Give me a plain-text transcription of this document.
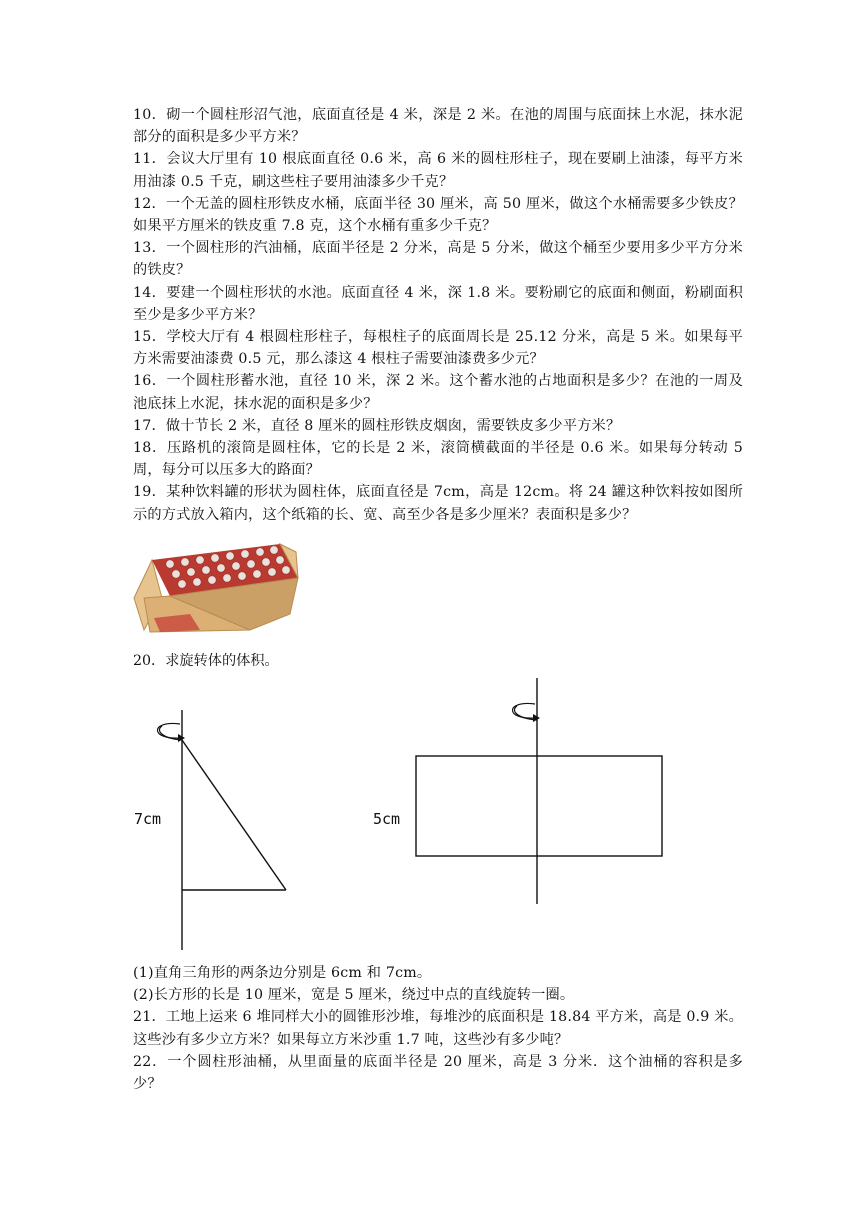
10．砌一个圆柱形沼气池，底面直径是 4 米，深是 2 米。在池的周围与底面抹上水泥，抹水泥部分的面积是多少平方米？

11．会议大厅里有 10 根底面直径 0.6 米，高 6 米的圆柱形柱子，现在要刷上油漆，每平方米用油漆 0.5 千克，刷这些柱子要用油漆多少千克？

12．一个无盖的圆柱形铁皮水桶，底面半径 30 厘米，高 50 厘米，做这个水桶需要多少铁皮？如果平方厘米的铁皮重 7.8 克，这个水桶有重多少千克？

13．一个圆柱形的汽油桶，底面半径是 2 分米，高是 5 分米，做这个桶至少要用多少平方分米的铁皮？

14．要建一个圆柱形状的水池。底面直径 4 米，深 1.8 米。要粉刷它的底面和侧面，粉刷面积至少是多少平方米？

15．学校大厅有 4 根圆柱形柱子，每根柱子的底面周长是 25.12 分米，高是 5 米。如果每平方米需要油漆费 0.5 元，那么漆这 4 根柱子需要油漆费多少元？

16．一个圆柱形蓄水池，直径 10 米，深 2 米。这个蓄水池的占地面积是多少？在池的一周及池底抹上水泥，抹水泥的面积是多少？

17．做十节长 2 米，直径 8 厘米的圆柱形铁皮烟囱，需要铁皮多少平方米？

18．压路机的滚筒是圆柱体，它的长是 2 米，滚筒横截面的半径是 0.6 米。如果每分转动 5 周，每分可以压多大的路面？

19．某种饮料罐的形状为圆柱体，底面直径是 7cm，高是 12cm。将 24 罐这种饮料按如图所示的方式放入箱内，这个纸箱的长、宽、高至少各是多少厘米？表面积是多少？

20．求旋转体的体积。
7cm	5cm

(1)直角三角形的两条边分别是 6cm 和 7cm。

(2)长方形的长是 10 厘米，宽是 5 厘米，绕过中点的直线旋转一圈。

21．工地上运来 6 堆同样大小的圆锥形沙堆，每堆沙的底面积是 18.84 平方米，高是 0.9 米。这些沙有多少立方米？如果每立方米沙重 1.7 吨，这些沙有多少吨？

22．一个圆柱形油桶，从里面量的底面半径是 20 厘米，高是 3 分米．这个油桶的容积是多少？
